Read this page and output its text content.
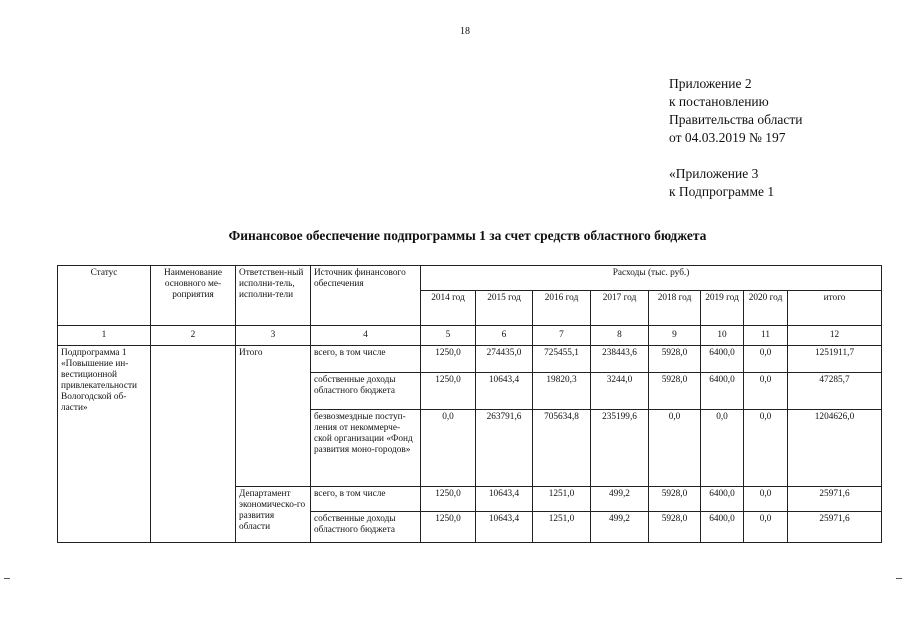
18
Приложение 2
к постановлению
Правительства области
от 04.03.2019 № 197
«Приложение 3
к Подпрограмме 1
Финансовое обеспечение подпрограммы 1 за счет средств областного бюджета
Статус	Наименование основного ме-роприятия	Ответствен-ный исполни-тель, исполни-тели	Источник финансового обеспечения	Расходы (тыс. руб.)							
				2014 год	2015 год	2016 год	2017 год	2018 год	2019 год	2020 год	итого
1	2	3	4	5	6	7	8	9	10	11	12
Подпрограмма 1 «Повышение ин-вестиционной привлекательности Вологодской об-ласти»		Итого	всего, в том числе	1250,0	274435,0	725455,1	238443,6	5928,0	6400,0	0,0	1251911,7
			собственные доходы областного бюджета	1250,0	10643,4	19820,3	3244,0	5928,0	6400,0	0,0	47285,7
			безвозмездные поступ-ления от некоммерче-ской организации «Фонд развития моно-городов»	0,0	263791,6	705634,8	235199,6	0,0	0,0	0,0	1204626,0
		Департамент экономическо-го развития области	всего, в том числе	1250,0	10643,4	1251,0	499,2	5928,0	6400,0	0,0	25971,6
			собственные доходы областного бюджета	1250,0	10643,4	1251,0	499,2	5928,0	6400,0	0,0	25971,6
